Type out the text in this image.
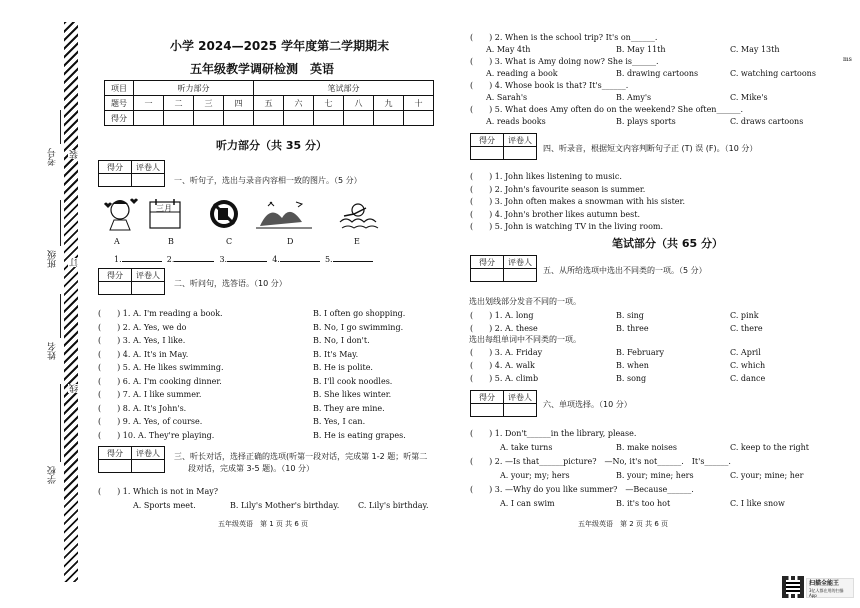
考号
班级
姓名
学校
装
订
线
小学 2024—2025 学年度第二学期期末
五年级教学调研检测　英语
项目	听力部分				笔试部分					
题号	一	二	三	四	五	六	七	八	九	十
得分										
听力部分（共 35 分）
得分	评卷人

一、听句子，选出与录音内容相一致的图片。（5 分）
三月
A	B	C	D	E
1.	2.	3.	4.	5.
得分	评卷人

二、听问句，选答语。（10 分）
(　　) 1. A. I'm reading a book.	B. I often go shopping.
(　　) 2. A. Yes, we do	B. No, I go swimming.
(　　) 3. A. Yes, I like.	B. No, I don't.
(　　) 4. A. It's in May.	B. It's May.
(　　) 5. A. He likes swimming.	B. He is polite.
(　　) 6. A. I'm cooking dinner.	B. I'll cook noodles.
(　　) 7. A. I like summer.	B. She likes winter.
(　　) 8. A. It's John's.	B. They are mine.
(　　) 9. A. Yes, of course.	B. Yes, I can.
(　　) 10. A. They're playing.	B. He is eating grapes.
得分	评卷人
	三、听长对话，选择正确的选项(听第一段对话，完成第 1-2 题；听第二
段对话，完成第 3-5 题)。（10 分）
(　　) 1. Which is not in May?
A. Sports meet.	B. Lily's Mother's birthday. C. Lily's birthday.
五年级英语　第 1 页 共 6 页
(　　) 2. When is the school trip? It's on______.
A. May 4th	B. May 11th	C. May 13th
(　　) 3. What is Amy doing now? She is______.
A. reading a book	B. drawing cartoons	C. watching cartoons
(　　) 4. Whose book is that? It's______.
A. Sarah's	B. Amy's	C. Mike's
(　　) 5. What does Amy often do on the weekend? She often______.
A. reads books	B. plays sports	C. draws cartoons
ms
得分	评卷人

四、听录音，根据短文内容判断句子正 (T) 误 (F)。（10 分）
(　　) 1. John likes listening to music.
(　　) 2. John's favourite season is summer.
(　　) 3. John often makes a snowman with his sister.
(　　) 4. John's brother likes autumn best.
(　　) 5. John is watching TV in the living room.
笔试部分（共 65 分）
得分	评卷人

五、从所给选项中选出不同类的一项。（5 分）
选出划线部分发音不同的一项。
选出每组单词中不同类的一项。
(　　) 1. A. long	B. sing	C. pink
(　　) 2. A. these	B. three	C. there
(　　) 3. A. Friday	B. February	C. April
(　　) 4. A. walk	B. when	C. which
(　　) 5. A. climb	B. song	C. dance
得分	评卷人

六、单项选择。（10 分）
(　　) 1. Don't______in the library, please.
A. take turns	B. make noises	C. keep to the right
(　　) 2. —Is that______picture?　—No, it's not______.　It's______.
A. your; my; hers	B. your; mine; hers	C. your; mine; her
(　　) 3. —Why do you like summer?　—Because______.
A. I can swim	B. it's too hot	C. I like snow
五年级英语　第 2 页 共 6 页
扫描全能王
3亿人都在用的扫描App
